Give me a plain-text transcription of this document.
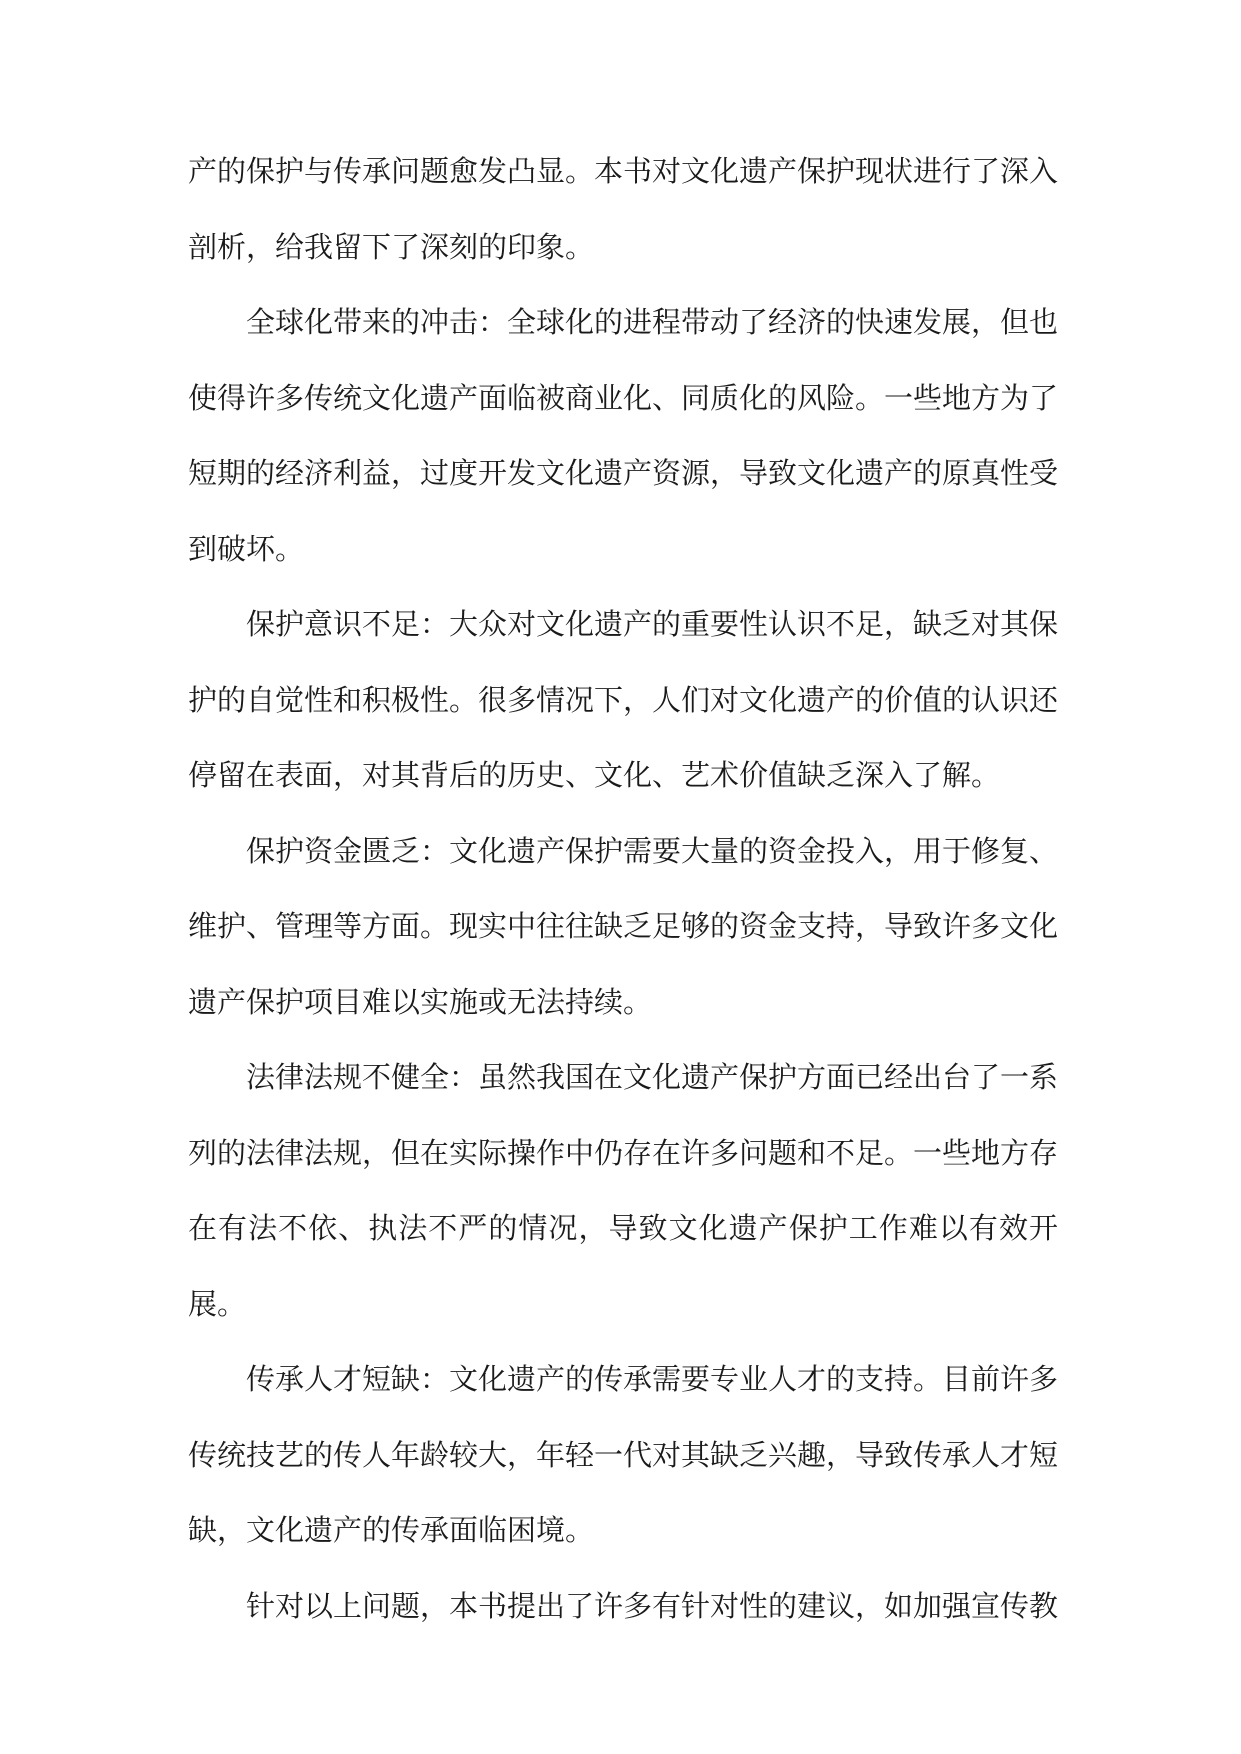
产的保护与传承问题愈发凸显。本书对文化遗产保护现状进行了深入剖析，给我留下了深刻的印象。

全球化带来的冲击：全球化的进程带动了经济的快速发展，但也使得许多传统文化遗产面临被商业化、同质化的风险。一些地方为了短期的经济利益，过度开发文化遗产资源，导致文化遗产的原真性受到破坏。

保护意识不足：大众对文化遗产的重要性认识不足，缺乏对其保护的自觉性和积极性。很多情况下，人们对文化遗产的价值的认识还停留在表面，对其背后的历史、文化、艺术价值缺乏深入了解。

保护资金匮乏：文化遗产保护需要大量的资金投入，用于修复、维护、管理等方面。现实中往往缺乏足够的资金支持，导致许多文化遗产保护项目难以实施或无法持续。

法律法规不健全：虽然我国在文化遗产保护方面已经出台了一系列的法律法规，但在实际操作中仍存在许多问题和不足。一些地方存在有法不依、执法不严的情况，导致文化遗产保护工作难以有效开展。

传承人才短缺：文化遗产的传承需要专业人才的支持。目前许多传统技艺的传人年龄较大，年轻一代对其缺乏兴趣，导致传承人才短缺，文化遗产的传承面临困境。

针对以上问题，本书提出了许多有针对性的建议，如加强宣传教
